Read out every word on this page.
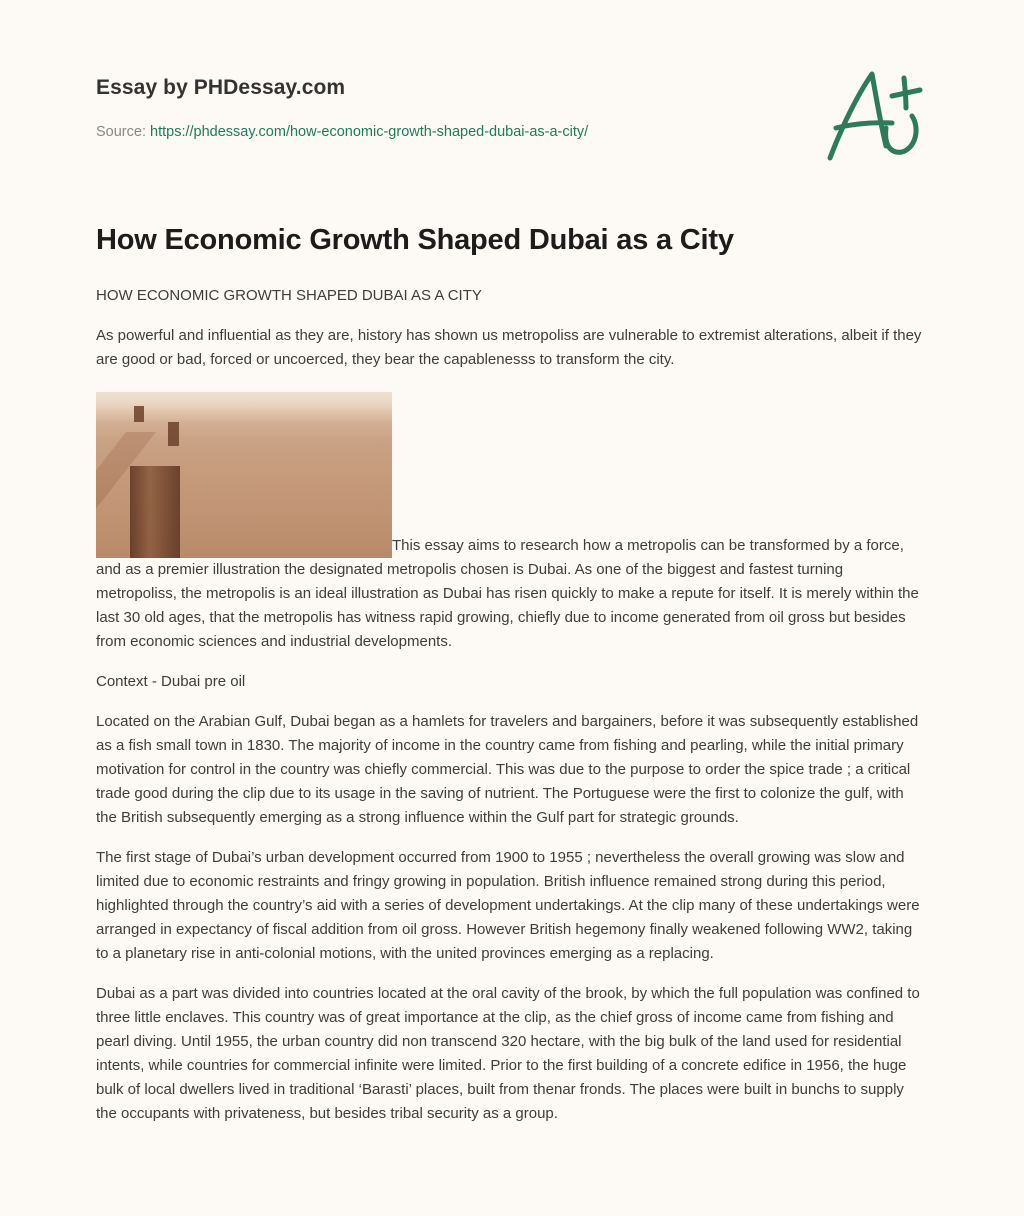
Essay by PHDessay.com
Source: https://phdessay.com/how-economic-growth-shaped-dubai-as-a-city/
How Economic Growth Shaped Dubai as a City

HOW ECONOMIC GROWTH SHAPED DUBAI AS A CITY

As powerful and influential as they are, history has shown us metropoliss are vulnerable to extremist alterations, albeit if they are good or bad, forced or uncoerced, they bear the capablenesss to transform the city.

This essay aims to research how a metropolis can be transformed by a force, and as a premier illustration the designated metropolis chosen is Dubai. As one of the biggest and fastest turning metropoliss, the metropolis is an ideal illustration as Dubai has risen quickly to make a repute for itself. It is merely within the last 30 old ages, that the metropolis has witness rapid growing, chiefly due to income generated from oil gross but besides from economic sciences and industrial developments.

Context - Dubai pre oil

Located on the Arabian Gulf, Dubai began as a hamlets for travelers and bargainers, before it was subsequently established as a fish small town in 1830. The majority of income in the country came from fishing and pearling, while the initial primary motivation for control in the country was chiefly commercial. This was due to the purpose to order the spice trade ; a critical trade good during the clip due to its usage in the saving of nutrient. The Portuguese were the first to colonize the gulf, with the British subsequently emerging as a strong influence within the Gulf part for strategic grounds.

The first stage of Dubai’s urban development occurred from 1900 to 1955 ; nevertheless the overall growing was slow and limited due to economic restraints and fringy growing in population. British influence remained strong during this period, highlighted through the country’s aid with a series of development undertakings. At the clip many of these undertakings were arranged in expectancy of fiscal addition from oil gross. However British hegemony finally weakened following WW2, taking to a planetary rise in anti-colonial motions, with the united provinces emerging as a replacing.

Dubai as a part was divided into countries located at the oral cavity of the brook, by which the full population was confined to three little enclaves. This country was of great importance at the clip, as the chief gross of income came from fishing and pearl diving. Until 1955, the urban country did non transcend 320 hectare, with the big bulk of the land used for residential intents, while countries for commercial infinite were limited. Prior to the first building of a concrete edifice in 1956, the huge bulk of local dwellers lived in traditional ‘Barasti’ places, built from thenar fronds. The places were built in bunchs to supply the occupants with privateness, but besides tribal security as a group.
